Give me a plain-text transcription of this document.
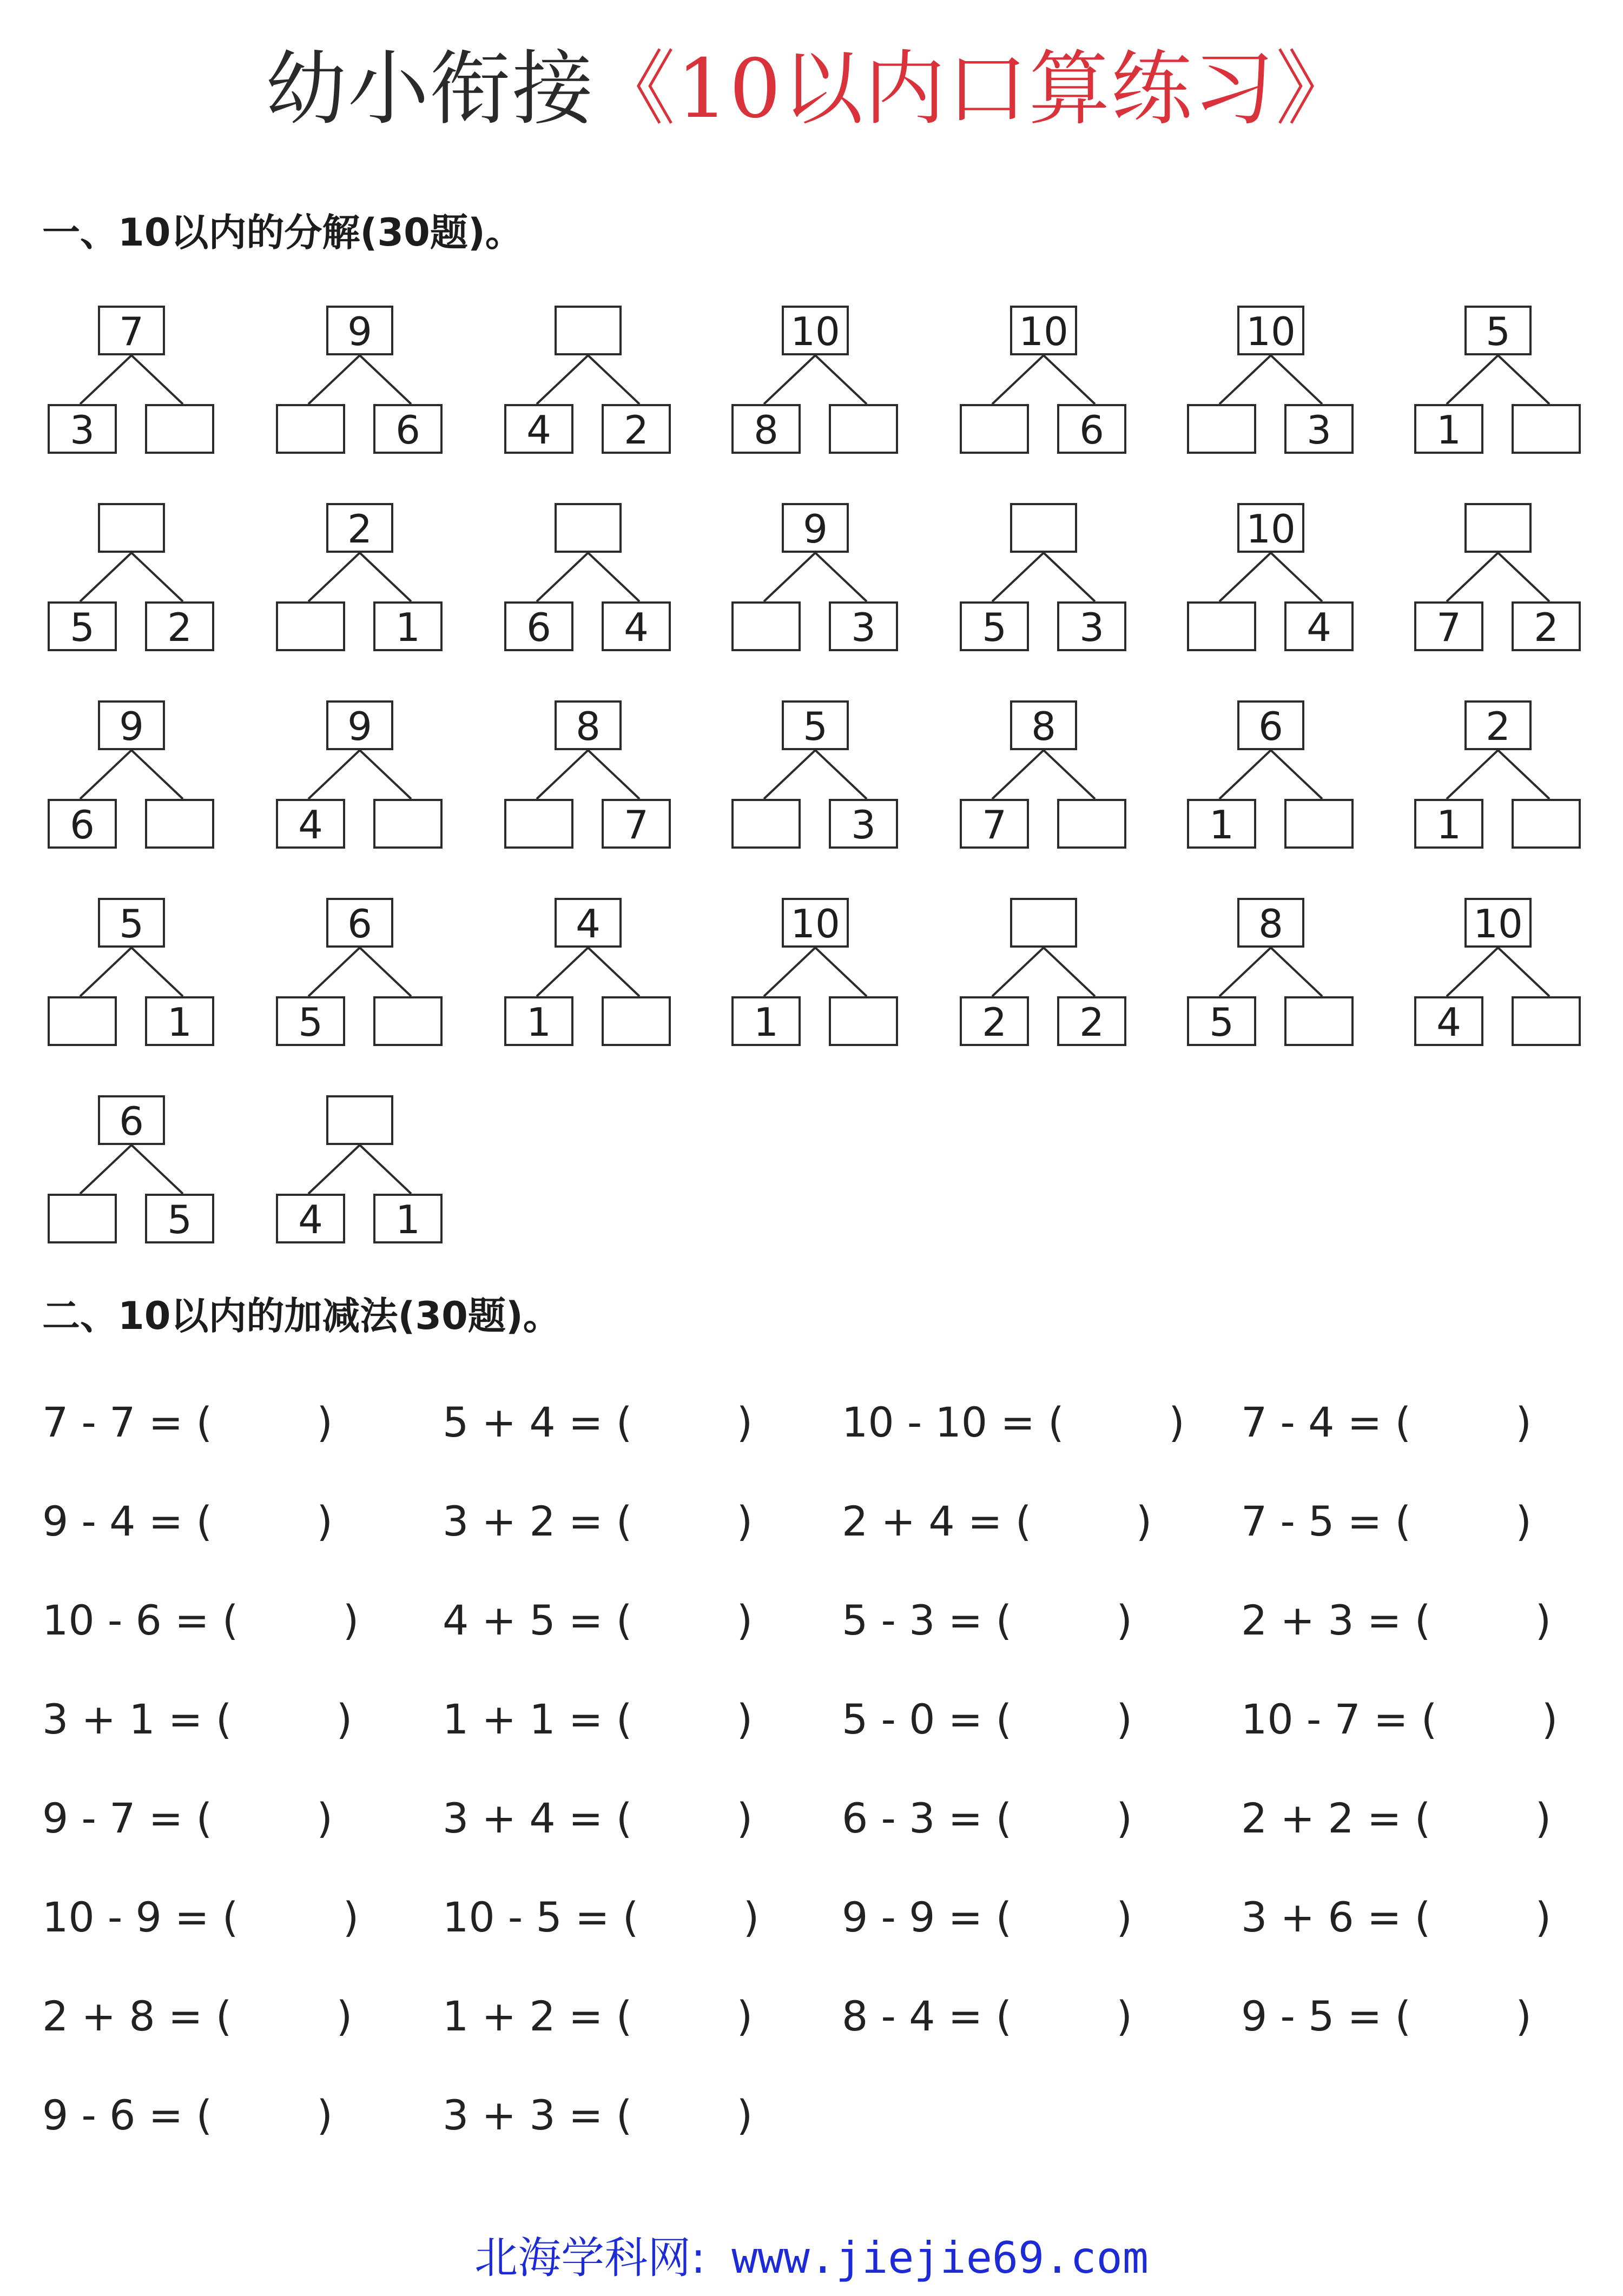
幼小衔接《10以内口算练习》
一、10以内的分解(30题)。
7
3
9
6	4	2
10
8
10
6
10
3
5
1
5	2
2
1	6	4
9
3	5	3
10
4	7	2
9
6
9
4
8
7
5
3
8
7
6
1
2
1
5
1
6
5
4
1
10
1	2	2
8
5
10
4
6
5	4	1
二、10以内的加减法(30题)。
7 - 7 = (        )	5 + 4 = (        ) 10 - 10 = (        ) 7 - 4 = (        )
9 - 4 = (        )	3 + 2 = (        ) 2 + 4 = (        ) 7 - 5 = (        )
10 - 6 = (        ) 4 + 5 = (        ) 5 - 3 = (        )	2 + 3 = (        )
3 + 1 = (        ) 1 + 1 = (        ) 5 - 0 = (        )	10 - 7 = (        )
9 - 7 = (        )	3 + 4 = (        ) 6 - 3 = (        )	2 + 2 = (        )
10 - 9 = (        ) 10 - 5 = (        ) 9 - 9 = (        )	3 + 6 = (        )
2 + 8 = (        ) 1 + 2 = (        ) 8 - 4 = (        )	9 - 5 = (        )
9 - 6 = (        )	3 + 3 = (        )
北海学科网: www.jiejie69.com
